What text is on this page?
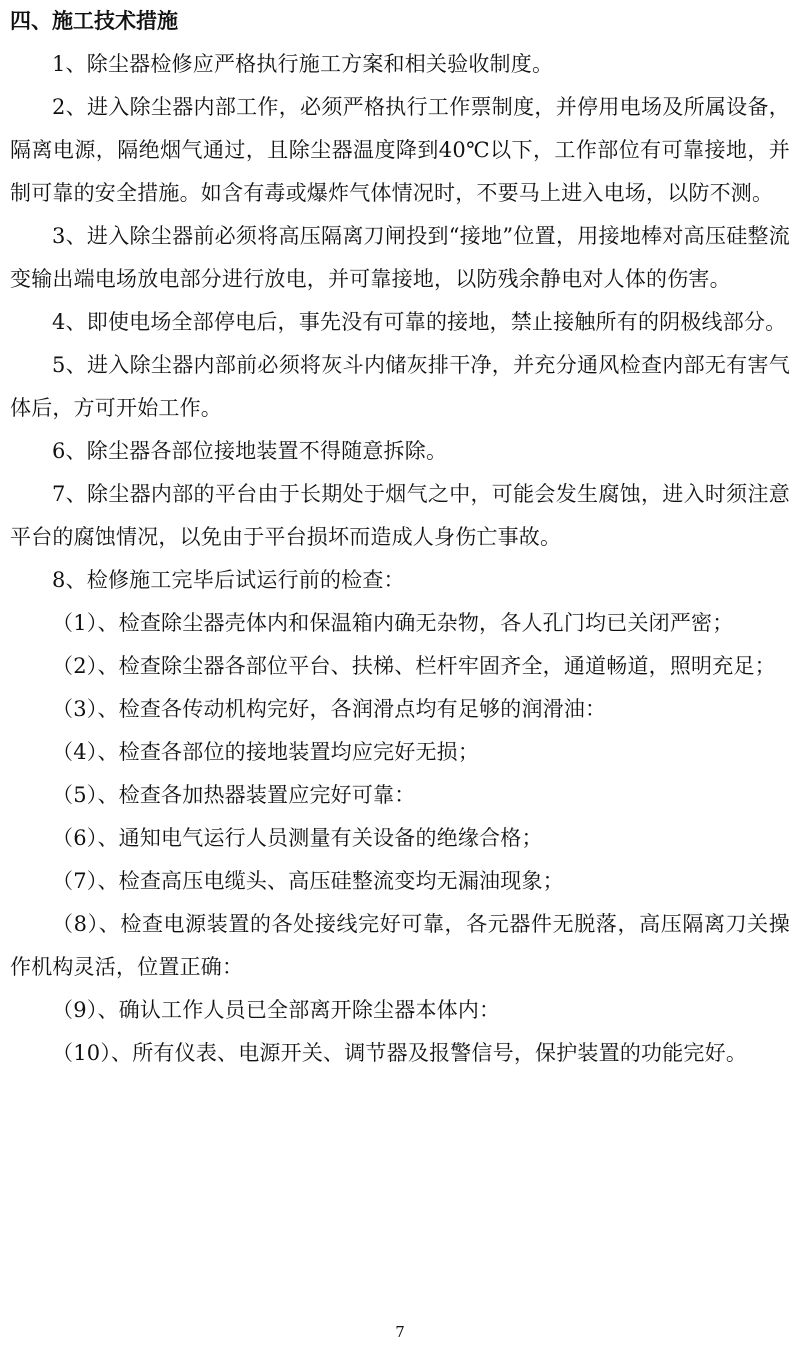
四、施工技术措施

1、除尘器检修应严格执行施工方案和相关验收制度。

2、进入除尘器内部工作，必须严格执行工作票制度，并停用电场及所属设备，隔离电源，隔绝烟气通过，且除尘器温度降到40℃以下，工作部位有可靠接地，并制可靠的安全措施。如含有毒或爆炸气体情况时，不要马上进入电场，以防不测。

3、进入除尘器前必须将高压隔离刀闸投到“接地”位置，用接地棒对高压硅整流变输出端电场放电部分进行放电，并可靠接地，以防残余静电对人体的伤害。

4、即使电场全部停电后，事先没有可靠的接地，禁止接触所有的阴极线部分。

5、进入除尘器内部前必须将灰斗内储灰排干净，并充分通风检查内部无有害气体后，方可开始工作。

6、除尘器各部位接地装置不得随意拆除。

7、除尘器内部的平台由于长期处于烟气之中，可能会发生腐蚀，进入时须注意平台的腐蚀情况，以免由于平台损坏而造成人身伤亡事故。

8、检修施工完毕后试运行前的检查：

（1）、检查除尘器壳体内和保温箱内确无杂物，各人孔门均已关闭严密；

（2）、检查除尘器各部位平台、扶梯、栏杆牢固齐全，通道畅道，照明充足；

（3）、检查各传动机构完好，各润滑点均有足够的润滑油：

（4）、检查各部位的接地装置均应完好无损；

（5）、检查各加热器装置应完好可靠：

（6）、通知电气运行人员测量有关设备的绝缘合格；

（7）、检查高压电缆头、高压硅整流变均无漏油现象；

（8）、检查电源装置的各处接线完好可靠，各元器件无脱落，高压隔离刀关操作机构灵活，位置正确：

（9）、确认工作人员已全部离开除尘器本体内：

（10）、所有仪表、电源开关、调节器及报警信号，保护装置的功能完好。

7
